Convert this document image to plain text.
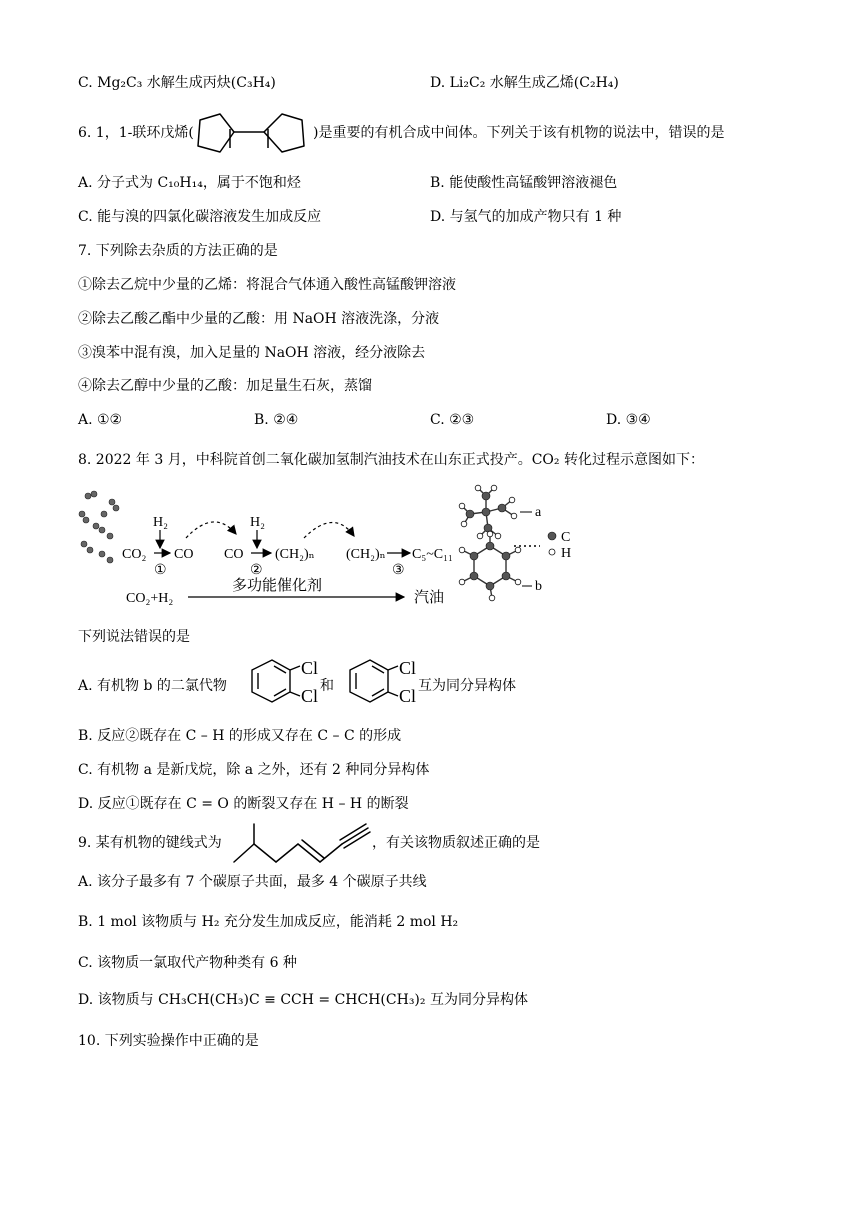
C. Mg₂C₃ 水解生成丙炔(C₃H₄)	D. Li₂C₂ 水解生成乙烯(C₂H₄)
6. 1，1-联环戊烯(	)是重要的有机合成中间体。下列关于该有机物的说法中，错误的是
A. 分子式为 C₁₀H₁₄，属于不饱和烃	B. 能使酸性高锰酸钾溶液褪色
C. 能与溴的四氯化碳溶液发生加成反应	D. 与氢气的加成产物只有 1 种
7. 下列除去杂质的方法正确的是
①除去乙烷中少量的乙烯：将混合气体通入酸性高锰酸钾溶液
②除去乙酸乙酯中少量的乙酸：用 NaOH 溶液洗涤，分液
③溴苯中混有溴，加入足量的 NaOH 溶液，经分液除去
④除去乙醇中少量的乙酸：加足量生石灰，蒸馏
A. ①②	B. ②④	C. ②③	D. ③④
8. 2022 年 3 月，中科院首创二氧化碳加氢制汽油技术在山东正式投产。CO₂ 转化过程示意图如下：
H₂
CO₂ CO
①
H₂
CO (CH₂)ₙ
②
(CH₂)ₙ C₅~C₁₁
③
CO₂+H₂
多功能催化剂
汽油
a
b
C
H
下列说法错误的是
A. 有机物 b 的二氯代物
Cl
Cl 和
Cl
Cl 互为同分异构体
B. 反应②既存在 C – H 的形成又存在 C – C 的形成
C. 有机物 a 是新戊烷，除 a 之外，还有 2 种同分异构体
D. 反应①既存在 C = O 的断裂又存在 H – H 的断裂
9. 某有机物的键线式为	，有关该物质叙述正确的是
A. 该分子最多有 7 个碳原子共面，最多 4 个碳原子共线
B. 1 mol 该物质与 H₂ 充分发生加成反应，能消耗 2 mol H₂
C. 该物质一氯取代产物种类有 6 种
D. 该物质与 CH₃CH(CH₃)C ≡ CCH = CHCH(CH₃)₂ 互为同分异构体
10. 下列实验操作中正确的是
